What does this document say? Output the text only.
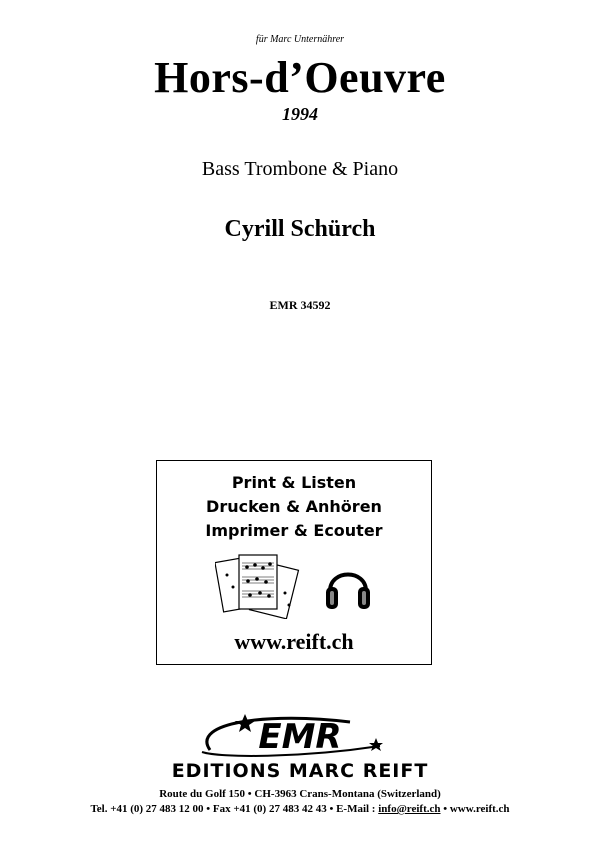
für Marc Unternährer
Hors-d’Oeuvre
1994
Bass Trombone & Piano
Cyrill Schürch
EMR 34592
Print & Listen
Drucken & Anhören
Imprimer & Ecouter
www.reift.ch
EMR
EDITIONS MARC REIFT
Route du Golf 150 • CH-3963 Crans-Montana (Switzerland)
Tel. +41 (0) 27 483 12 00 • Fax +41 (0) 27 483 42 43 • E-Mail : info@reift.ch • www.reift.ch
